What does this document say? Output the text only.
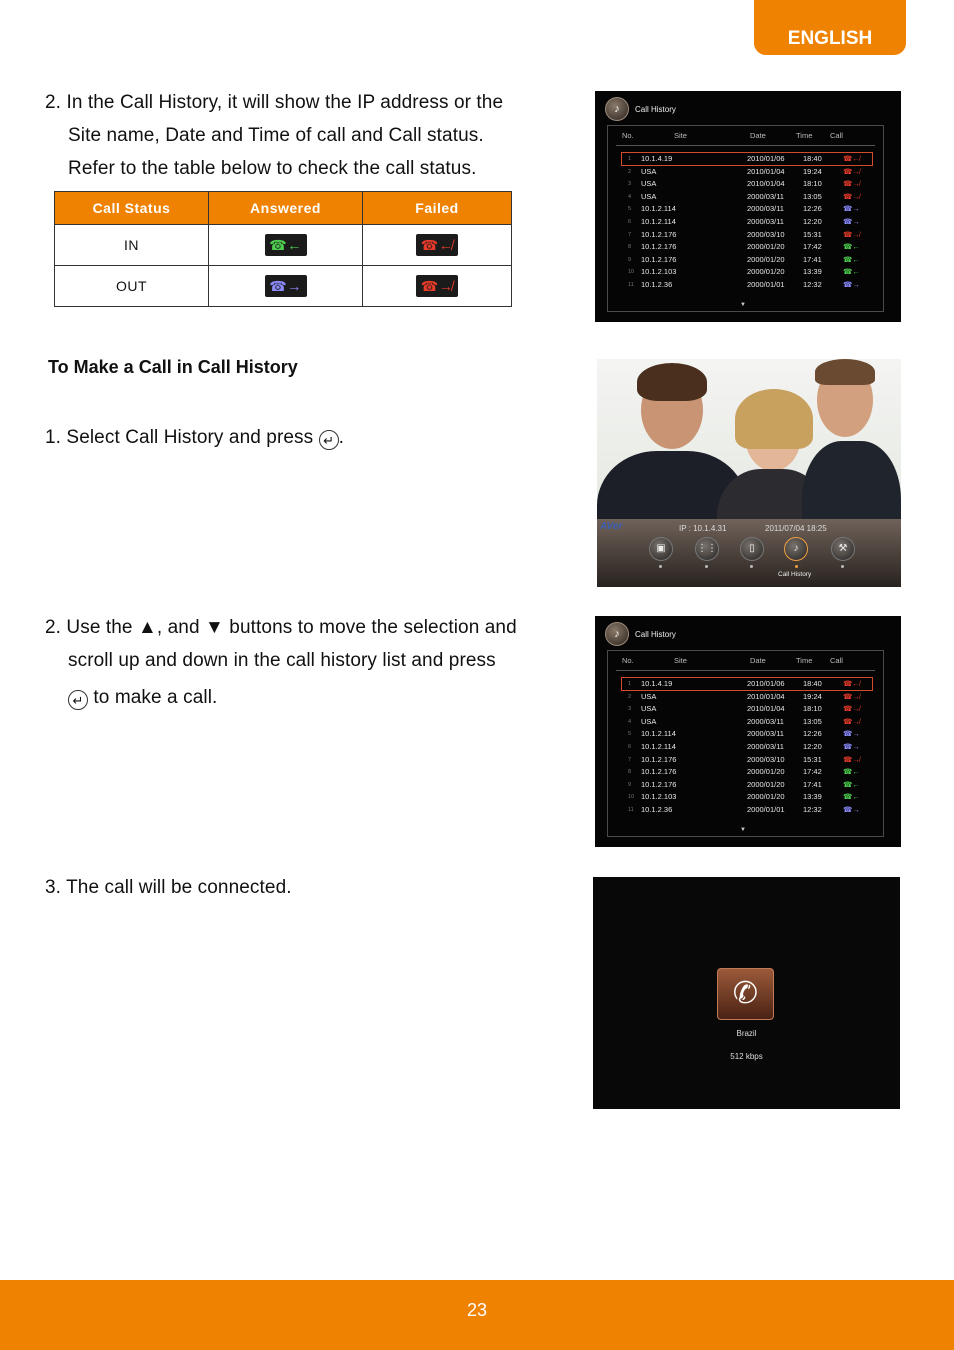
ENGLISH
2. In the Call History, it will show the IP address or the
Site name, Date and Time of call and Call status.
Refer to the table below to check the call status.
Call Status	Answered	Failed
IN	☎←	☎↚
OUT	☎→	☎↛
♪	Call History
No.	Site	Date	Time Call
1 10.1.4.19	2010/01/06 18:40	☎↚
2 USA	2010/01/04 19:24	☎↛
3 USA	2010/01/04 18:10	☎↛
4 USA	2000/03/11	13:05	☎↛
5 10.1.2.114	2000/03/11	12:26	☎→
6 10.1.2.114	2000/03/11	12:20	☎→
7 10.1.2.176	2000/03/10 15:31	☎↛
8 10.1.2.176	2000/01/20 17:42	☎←
9 10.1.2.176	2000/01/20 17:41	☎←
10 10.1.2.103	2000/01/20 13:39	☎←
11 10.1.2.36	2000/01/01 12:32	☎→
▼
To Make a Call in Call History
1. Select Call History and press ↵ .
AVer	IP : 10.1.4.31	2011/07/04 18:25
▣	⋮⋮	▯	♪	⚒
Call History
2. Use the ▲, and ▼ buttons to move the selection and
scroll up and down in the call history list and press
↵ to make a call.
♪	Call History
No.	Site	Date	Time Call
1 10.1.4.19	2010/01/06 18:40	☎↚
2 USA	2010/01/04 19:24	☎↛
3 USA	2010/01/04 18:10	☎↛
4 USA	2000/03/11	13:05	☎↛
5 10.1.2.114	2000/03/11	12:26	☎→
6 10.1.2.114	2000/03/11	12:20	☎→
7 10.1.2.176	2000/03/10 15:31	☎↛
8 10.1.2.176	2000/01/20 17:42	☎←
9 10.1.2.176	2000/01/20 17:41	☎←
10 10.1.2.103	2000/01/20 13:39	☎←
11 10.1.2.36	2000/01/01 12:32	☎→
▼
3. The call will be connected.
✆
Brazil
512 kbps
23
